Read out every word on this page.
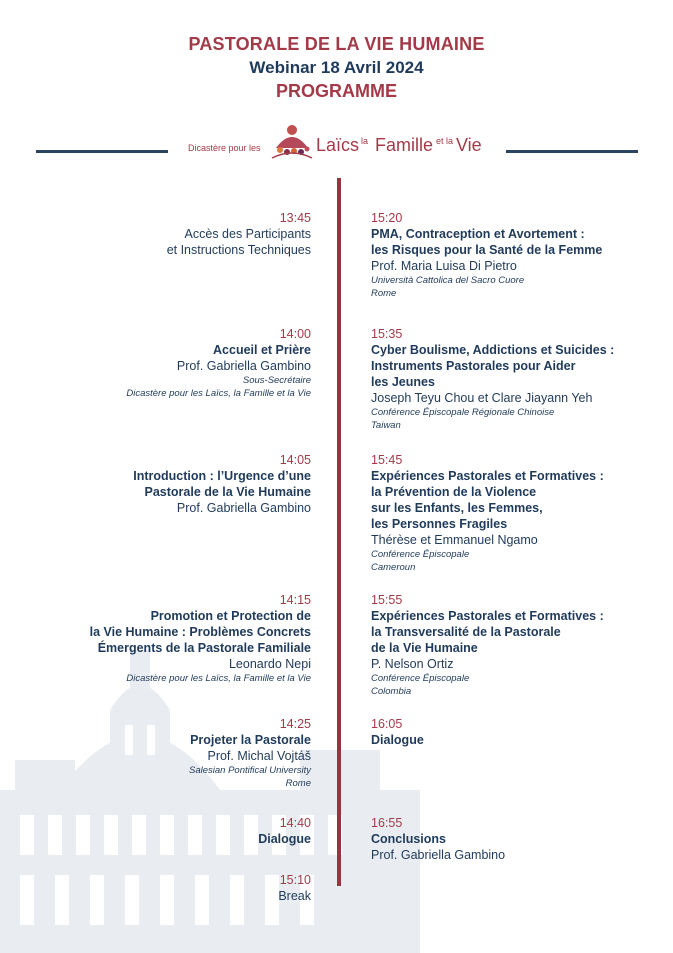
PASTORALE DE LA VIE HUMAINE
Webinar 18 Avril 2024
PROGRAMME
Dicastère pour les	Laïcs la Famille et la Vie
13:45
Accès des Participants
et Instructions Techniques
14:00
Accueil et Prière
Prof. Gabriella Gambino
Sous-Secrétaire
Dicastère pour les Laïcs, la Famille et la Vie
14:05
Introduction : l’Urgence d’une
Pastorale de la Vie Humaine
Prof. Gabriella Gambino
14:15
Promotion et Protection de
la Vie Humaine : Problèmes Concrets
Émergents de la Pastorale Familiale
Leonardo Nepi
Dicastère pour les Laïcs, la Famille et la Vie
14:25
Projeter la Pastorale
Prof. Michal Vojtáš
Salesian Pontifical University
Rome
14:40
Dialogue
15:10
Break
15:20
PMA, Contraception et Avortement :
les Risques pour la Santé de la Femme
Prof. Maria Luisa Di Pietro
Università Cattolica del Sacro Cuore
Rome
15:35
Cyber Boulisme, Addictions et Suicides :
Instruments Pastorales pour Aider
les Jeunes
Joseph Teyu Chou et Clare Jiayann Yeh
Conférence Épiscopale Régionale Chinoise
Taiwan
15:45
Expériences Pastorales et Formatives :
la Prévention de la Violence
sur les Enfants, les Femmes,
les Personnes Fragiles
Thérèse et Emmanuel Ngamo
Conférence Épiscopale
Cameroun
15:55
Expériences Pastorales et Formatives :
la Transversalité de la Pastorale
de la Vie Humaine
P. Nelson Ortiz
Conférence Épiscopale
Colombia
16:05
Dialogue
16:55
Conclusions
Prof. Gabriella Gambino
